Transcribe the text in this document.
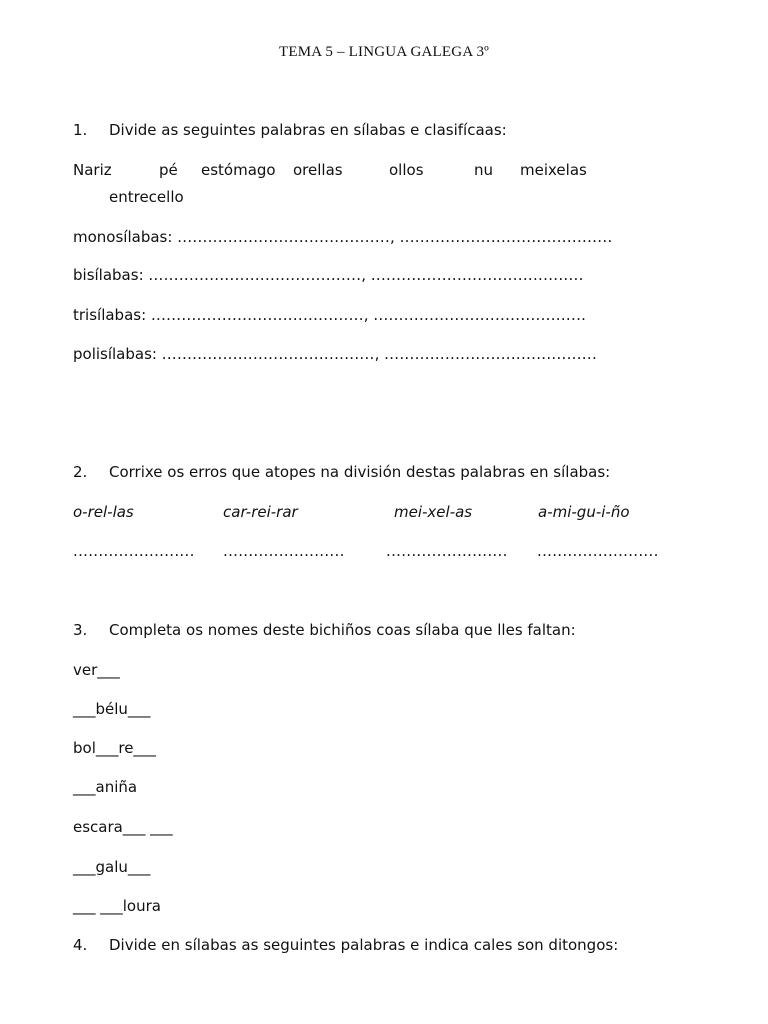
TEMA 5 – LINGUA GALEGA 3º
1. Divide as seguintes palabras en sílabas e clasifícaas:
Nariz	pé estómago orellas	ollos	nu meixelas
entrecello
monosílabas: .........................................., ..........................................
bisílabas: .........................................., ..........................................
trisílabas: .........................................., ..........................................
polisílabas: .........................................., ..........................................
2. Corrixe os erros que atopes na división destas palabras en sílabas:
o-rel-las	car-rei-rar	mei-xel-as	a-mi-gu-i-ño
........................ ........................	........................ ........................
3. Completa os nomes deste bichiños coas sílaba que lles faltan:
ver___
___bélu___
bol___re___
___aniña
escara___ ___
___galu___
___ ___loura
4. Divide en sílabas as seguintes palabras e indica cales son ditongos:
